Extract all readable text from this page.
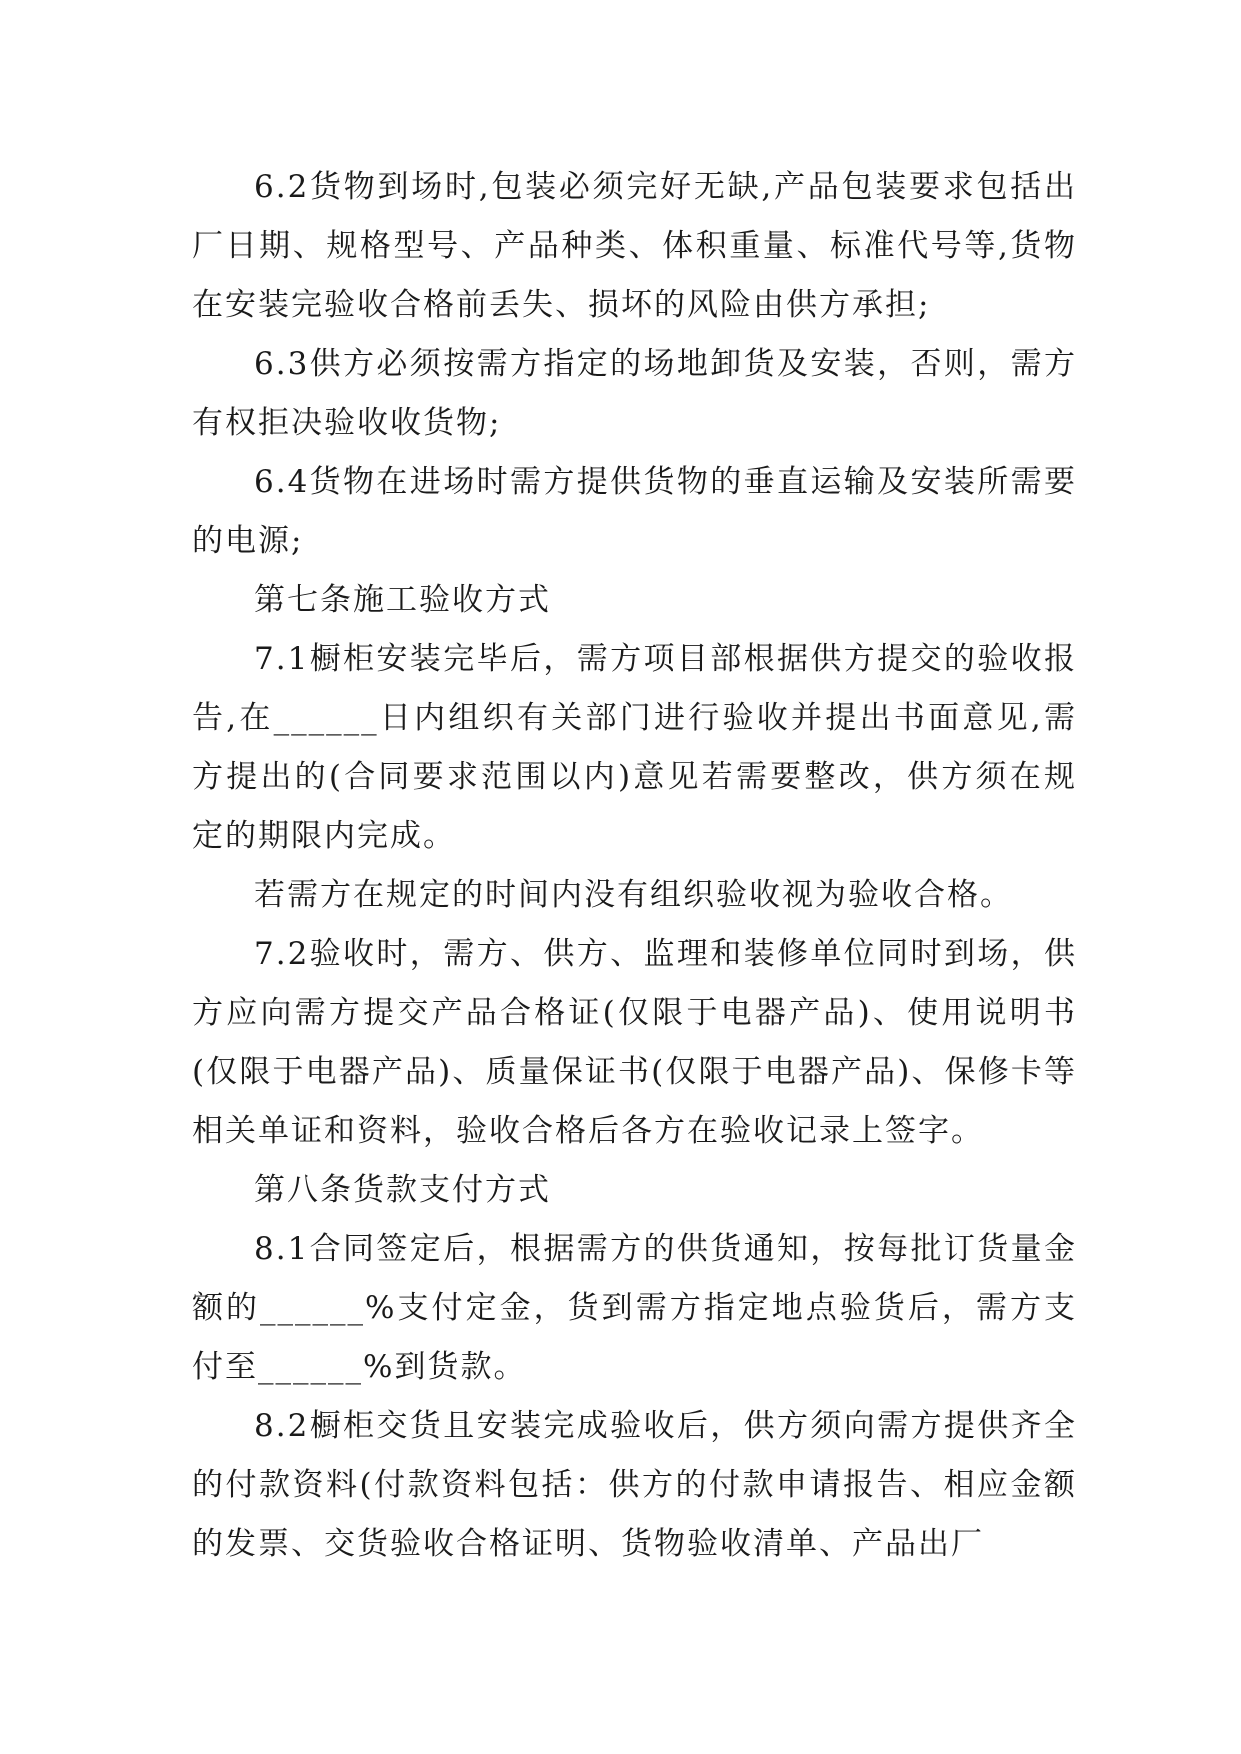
6.2货物到场时,包装必须完好无缺,产品包装要求包括出厂日期、规格型号、产品种类、体积重量、标准代号等,货物在安装完验收合格前丢失、损坏的风险由供方承担;

6.3供方必须按需方指定的场地卸货及安装，否则，需方有权拒决验收收货物;

6.4货物在进场时需方提供货物的垂直运输及安装所需要的电源;

第七条施工验收方式

7.1橱柜安装完毕后，需方项目部根据供方提交的验收报告,在______日内组织有关部门进行验收并提出书面意见,需方提出的(合同要求范围以内)意见若需要整改，供方须在规定的期限内完成。

若需方在规定的时间内没有组织验收视为验收合格。

7.2验收时，需方、供方、监理和装修单位同时到场，供方应向需方提交产品合格证(仅限于电器产品)、使用说明书(仅限于电器产品)、质量保证书(仅限于电器产品)、保修卡等相关单证和资料，验收合格后各方在验收记录上签字。

第八条货款支付方式

8.1合同签定后，根据需方的供货通知，按每批订货量金额的______%支付定金，货到需方指定地点验货后，需方支付至______%到货款。

8.2橱柜交货且安装完成验收后，供方须向需方提供齐全的付款资料(付款资料包括：供方的付款申请报告、相应金额的发票、交货验收合格证明、货物验收清单、产品出厂
